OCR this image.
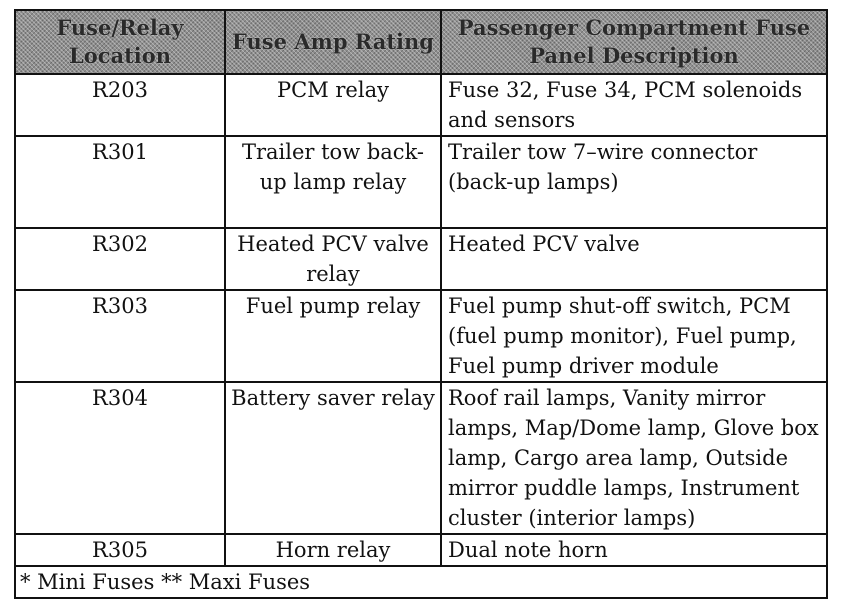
Fuse/Relay Location	Fuse Amp Rating	Passenger Compartment Fuse Panel Description
R203	PCM relay	Fuse 32, Fuse 34, PCM solenoids and sensors
R301	Trailer tow back-up lamp relay	Trailer tow 7–wire connector (back-up lamps)
R302	Heated PCV valve relay	Heated PCV valve
R303	Fuel pump relay	Fuel pump shut-off switch, PCM (fuel pump monitor), Fuel pump, Fuel pump driver module
R304	Battery saver relay	Roof rail lamps, Vanity mirror lamps, Map/Dome lamp, Glove box lamp, Cargo area lamp, Outside mirror puddle lamps, Instrument cluster (interior lamps)
R305	Horn relay	Dual note horn
* Mini Fuses ** Maxi Fuses		
